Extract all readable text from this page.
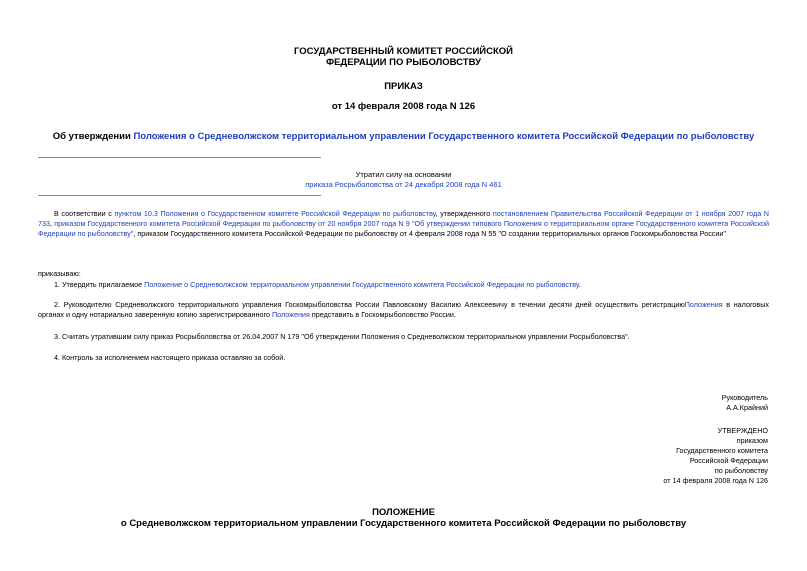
ГОСУДАРСТВЕННЫЙ КОМИТЕТ РОССИЙСКОЙ
ФЕДЕРАЦИИ ПО РЫБОЛОВСТВУ
ПРИКАЗ
от 14 февраля 2008 года N 126
Об утверждении Положения о Средневолжском территориальном управлении Государственного комитета Российской Федерации по рыболовству
Утратил силу на основании
приказа Росрыболовства от 24 декабря 2008 года N 461
В соответствии с пунктом 10.3 Положения о Государственном комитете Российской Федерации по рыболовству, утвержденного постановлением Правительства Российской Федерации от 1 ноября 2007 года N 733, приказом Государственного комитета Российской Федерации по рыболовству от 20 ноября 2007 года N 9 "Об утверждении типового Положения о территориальном органе Государственного комитета Российской Федерации по рыболовству", приказом Государственного комитета Российской Федерации по рыболовству от 4 февраля 2008 года N 55 "О создании территориальных органов Госкомрыболовства России"
приказываю:
1. Утвердить прилагаемое Положение о Средневолжском территориальном управлении Государственного комитета Российской Федерации по рыболовству.
2. Руководителю Средневолжского территориального управления Госкомрыболовства России Павловскому Василию Алексеевичу в течении десяти дней осуществить регистрациюПоложения в налоговых органах и одну нотариально заверенную копию зарегистрированного Положения представить в Госкомрыболовство России.
3. Считать утратившим силу приказ Росрыболовства от 26.04.2007 N 179 "Об утверждении Положения о Средневолжском территориальном управлении Росрыболовства".
4. Контроль за исполнением настоящего приказа оставляю за собой.
Руководитель
А.А.Крайний
УТВЕРЖДЕНО
приказом
Государственного комитета
Российской Федерации
по рыболовству
от 14 февраля 2008 года N 126
ПОЛОЖЕНИЕ
о Средневолжском территориальном управлении Государственного комитета Российской Федерации по рыболовству
